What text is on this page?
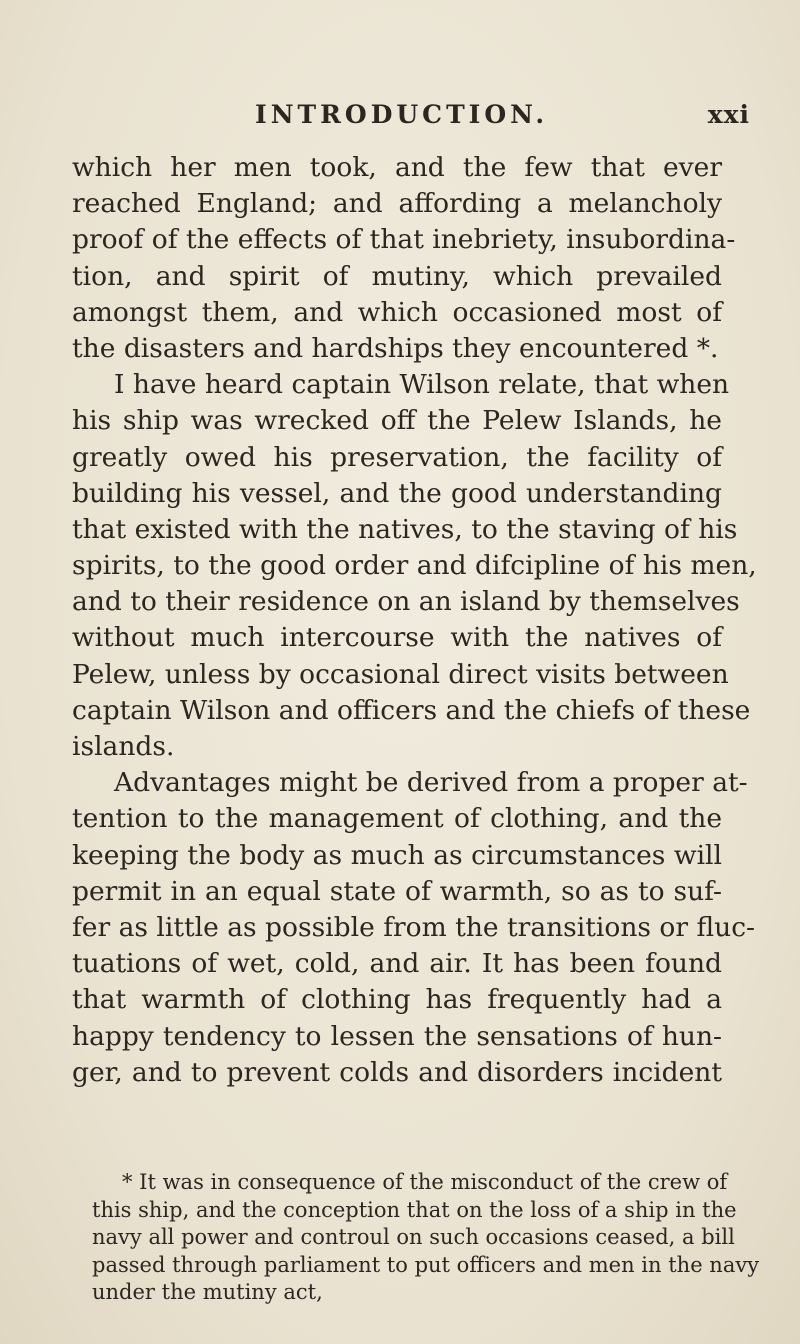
INTRODUCTION.	xxi
which her men took, and the few that ever
reached England; and affording a melancholy
proof of the effects of that inebriety, insubordina-
tion, and spirit of mutiny, which prevailed
amongst them, and which occasioned most of
the disasters and hardships they encountered *.
I have heard captain Wilson relate, that when
his ship was wrecked off the Pelew Islands, he
greatly owed his preservation, the facility of
building his vessel, and the good understanding
that existed with the natives, to the staving of his
spirits, to the good order and difcipline of his men,
and to their residence on an island by themselves
without much intercourse with the natives of
Pelew, unless by occasional direct visits between
captain Wilson and officers and the chiefs of these
islands.
Advantages might be derived from a proper at-
tention to the management of clothing, and the
keeping the body as much as circumstances will
permit in an equal state of warmth, so as to suf-
fer as little as possible from the transitions or fluc-
tuations of wet, cold, and air. It has been found
that warmth of clothing has frequently had a
happy tendency to lessen the sensations of hun-
ger, and to prevent colds and disorders incident
* It was in consequence of the misconduct of the crew of
this ship, and the conception that on the loss of a ship in the
navy all power and controul on such occasions ceased, a bill
passed through parliament to put officers and men in the navy
under the mutiny act,
